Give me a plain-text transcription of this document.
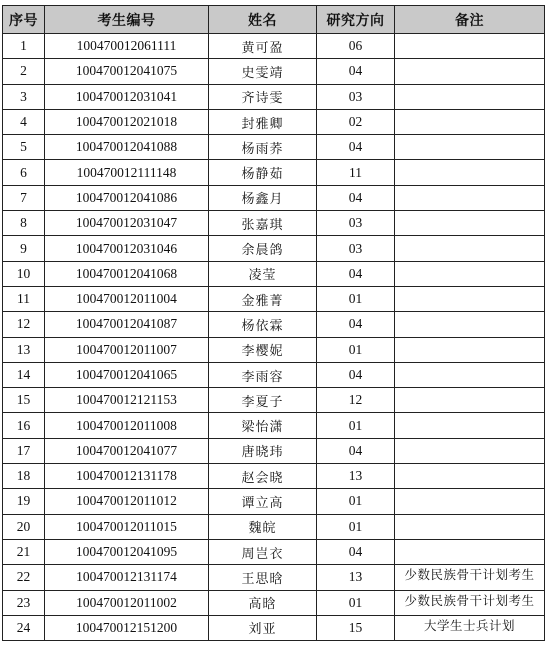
序号	考生编号	姓名	研究方向	备注
1	100470012061111	黄可盈	06	

2	100470012041075	史雯靖	04	

3	100470012031041	齐诗雯	03	

4	100470012021018	封雅卿	02	

5	100470012041088	杨雨荞	04	

6	100470012111148	杨静茹	11	

7	100470012041086	杨鑫月	04	

8	100470012031047	张嘉琪	03	

9	100470012031046	余晨鸽	03	

10	100470012041068	凌莹	04	

11	100470012011004	金雅菁	01	

12	100470012041087	杨依霖	04	

13	100470012011007	李樱妮	01	

14	100470012041065	李雨容	04	

15	100470012121153	李夏子	12	

16	100470012011008	梁怡潇	01	

17	100470012041077	唐晓玮	04	

18	100470012131178	赵会晓	13	

19	100470012011012	谭立高	01	

20	100470012011015	魏皖	01	

21	100470012041095	周岂衣	04	

22	100470012131174	王思晗	13	少数民族骨干计划考生

23	100470012011002	高晗	01	少数民族骨干计划考生

24	100470012151200	刘亚	15	大学生士兵计划
